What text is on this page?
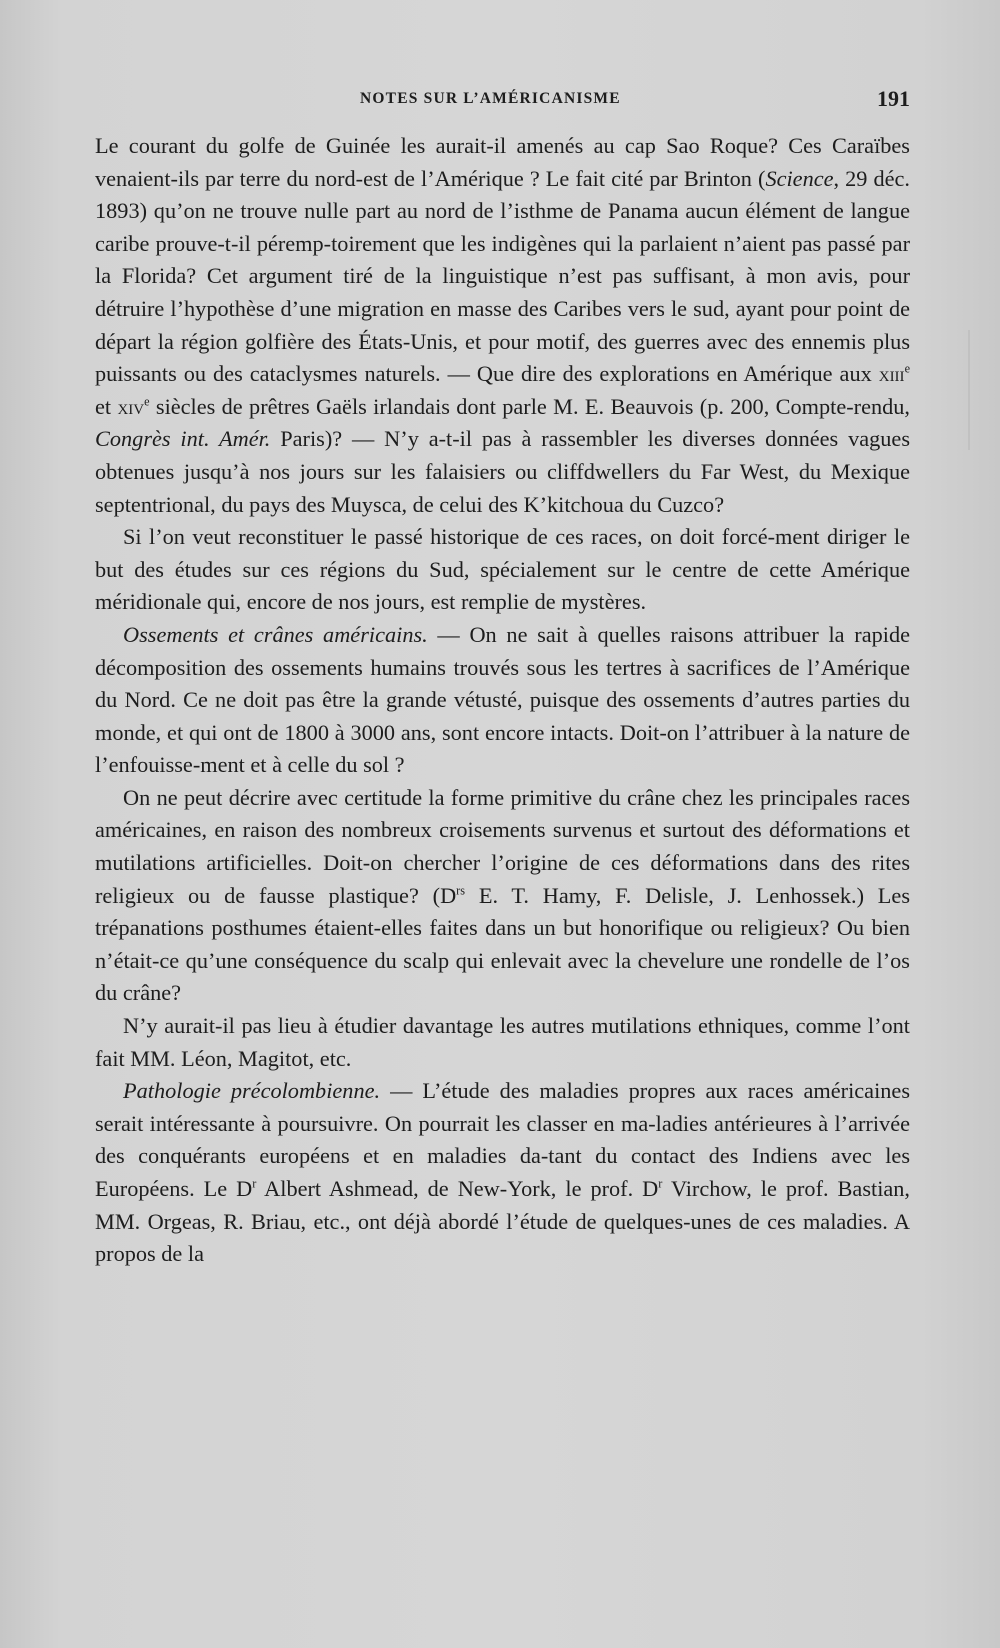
NOTES SUR L’AMÉRICANISME	191

Le courant du golfe de Guinée les aurait-il amenés au cap Sao Roque? Ces Caraïbes venaient-ils par terre du nord-est de l’Amérique ? Le fait cité par Brinton (Science, 29 déc. 1893) qu’on ne trouve nulle part au nord de l’isthme de Panama aucun élément de langue caribe prouve-t-il péremp-toirement que les indigènes qui la parlaient n’aient pas passé par la Florida? Cet argument tiré de la linguistique n’est pas suffisant, à mon avis, pour détruire l’hypothèse d’une migration en masse des Caribes vers le sud, ayant pour point de départ la région golfière des États-Unis, et pour motif, des guerres avec des ennemis plus puissants ou des cataclysmes naturels. — Que dire des explorations en Amérique aux xiii$^e$ et xiv$^e$ siècles de prêtres Gaëls irlandais dont parle M. E. Beauvois (p. 200, Compte-rendu, Congrès int. Amér. Paris)? — N’y a-t-il pas à rassembler les diverses données vagues obtenues jusqu’à nos jours sur les falaisiers ou cliffdwellers du Far West, du Mexique septentrional, du pays des Muysca, de celui des K’kitchoua du Cuzco?

Si l’on veut reconstituer le passé historique de ces races, on doit forcé-ment diriger le but des études sur ces régions du Sud, spécialement sur le centre de cette Amérique méridionale qui, encore de nos jours, est remplie de mystères.

Ossements et crânes américains. — On ne sait à quelles raisons attribuer la rapide décomposition des ossements humains trouvés sous les tertres à sacrifices de l’Amérique du Nord. Ce ne doit pas être la grande vétusté, puisque des ossements d’autres parties du monde, et qui ont de 1800 à 3000 ans, sont encore intacts. Doit-on l’attribuer à la nature de l’enfouisse-ment et à celle du sol ?

On ne peut décrire avec certitude la forme primitive du crâne chez les principales races américaines, en raison des nombreux croisements survenus et surtout des déformations et mutilations artificielles. Doit-on chercher l’origine de ces déformations dans des rites religieux ou de fausse plastique? ($D^{rs}$ E. T. Hamy, F. Delisle, J. Lenhossek.) Les trépanations posthumes étaient-elles faites dans un but honorifique ou religieux? Ou bien n’était-ce qu’une conséquence du scalp qui enlevait avec la chevelure une rondelle de l’os du crâne?

N’y aurait-il pas lieu à étudier davantage les autres mutilations ethniques, comme l’ont fait MM. Léon, Magitot, etc.

Pathologie précolombienne. — L’étude des maladies propres aux races américaines serait intéressante à poursuivre. On pourrait les classer en ma-ladies antérieures à l’arrivée des conquérants européens et en maladies da-tant du contact des Indiens avec les Européens. Le $D^r$ Albert Ashmead, de New-York, le prof. $D^r$ Virchow, le prof. Bastian, MM. Orgeas, R. Briau, etc., ont déjà abordé l’étude de quelques-unes de ces maladies. A propos de la
